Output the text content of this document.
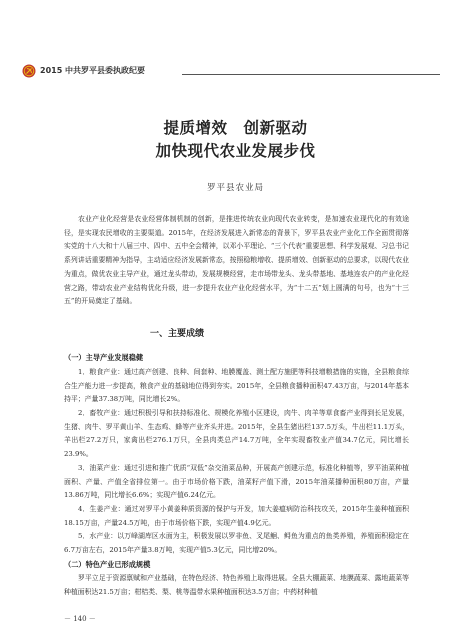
2015 中共罗平县委执政纪要
提质增效　创新驱动
加快现代农业发展步伐
罗平县农业局

农业产业化经营是农业经营体制机制的创新，是推进传统农业向现代农业转变，是加速农业现代化的有效途径，是实现农民增收的主要渠道。2015年，在经济发展进入新常态的背景下，罗平县农业产业化工作全面贯彻落实党的十八大和十八届三中、四中、五中全会精神，以邓小平理论、“三个代表”重要思想、科学发展观、习总书记系列讲话重要精神为指导，主动适应经济发展新常态，按照稳粮增收、提质增效、创新驱动的总要求，以现代农业为重点，做优农业主导产业，通过龙头带动，发展规模经营，走市场带龙头、龙头带基地、基地连农户的产业化经营之路，带动农业产业结构优化升级，进一步提升农业产业化经营水平，为“十二五”划上圆满的句号，也为“十三五”的开局奠定了基础。

一、主要成绩
（一）主导产业发展稳健

1．粮食产业：通过高产创建、良种、间套种、地膜覆盖、测土配方施肥等科技增粮措施的实施，全县粮食综合生产能力进一步提高，粮食产业的基础地位得到夯实。2015年，全县粮食播种面积47.43万亩，与2014年基本持平；产量37.38万吨，同比增长2%。

2．畜牧产业：通过积极引导和扶持标准化、规模化养殖小区建设，肉牛、肉羊等草食畜产业得到长足发展，生猪、肉牛、罗平黄山羊、生态鸡、蜂等产业齐头并进。2015年，全县生猪出栏137.5万头，牛出栏11.1万头，羊出栏27.2万只，家禽出栏276.1万只，全县肉类总产14.7万吨，全年实现畜牧业产值34.7亿元，同比增长23.9%。

3．油菜产业：通过引进和推广优质“双低”杂交油菜品种，开展高产创建示范，标准化种植等，罗平油菜种植面积、产量、产值全省排位第一。由于市场价格下跌，油菜籽产值下滑，2015年油菜播种面积80万亩，产量13.86万吨，同比增长6.6%；实现产值6.24亿元。

4．生姜产业：通过对罗平小黄姜种质资源的保护与开发，加大姜瘟病防治科技攻关，2015年生姜种植面积18.15万亩，产量24.5万吨，由于市场价格下跌，实现产值4.9亿元。

5．水产业：以万峰湖库区水面为主，积极发展以罗非鱼、叉尾鮰、鲟鱼为重点的鱼类养殖，养殖面积稳定在6.7万亩左右，2015年产量3.8万吨，实现产值5.3亿元，同比增20%。

（二）特色产业已形成规模

罗平立足于资源禀赋和产业基础，在特色经济、特色养殖上取得进展。全县大棚蔬菜、地膜蔬菜、露地蔬菜等种植面积达21.5万亩；柑桔类、梨、桃等温带水果种植面积达3.5万亩；中药材种植

－ 140 －
